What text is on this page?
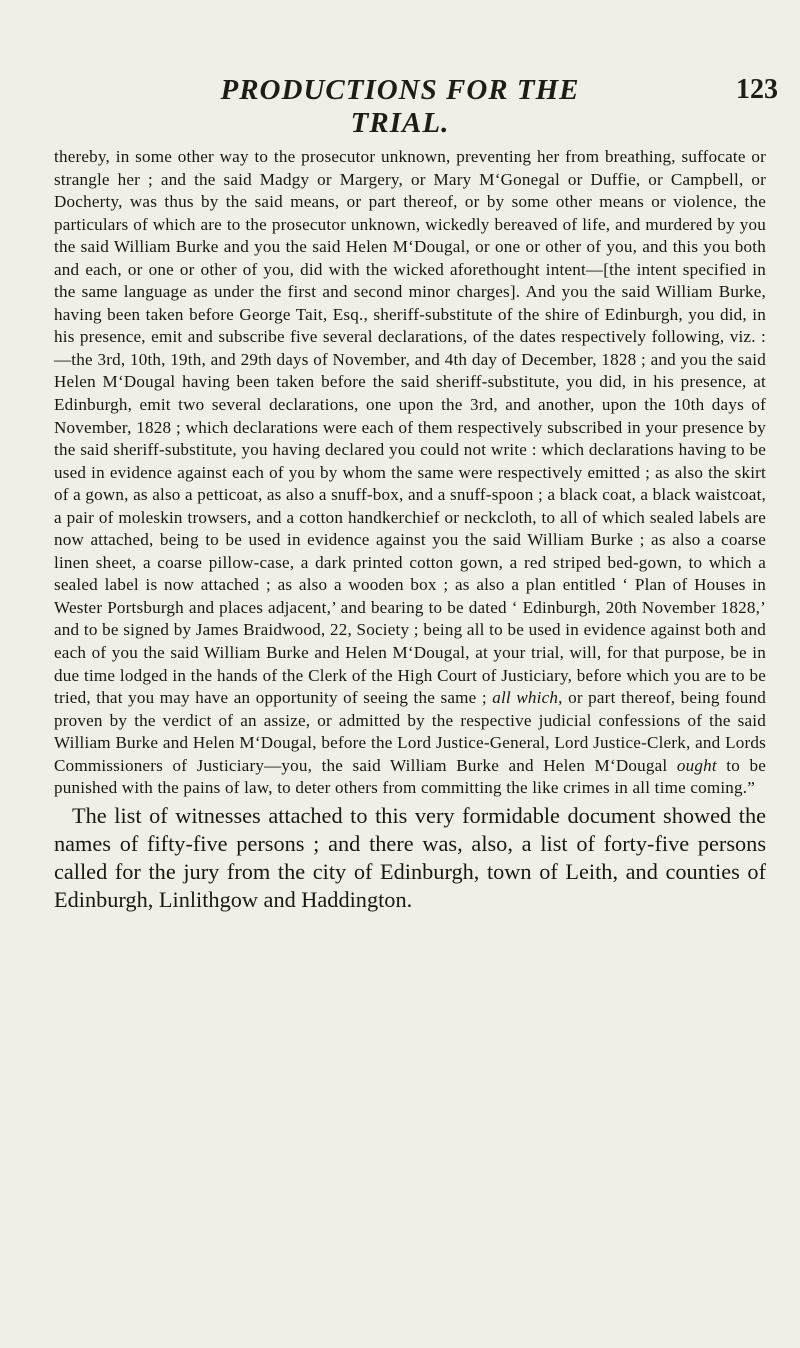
PRODUCTIONS FOR THE TRIAL.
123

thereby, in some other way to the prosecutor unknown, preventing her from breathing, suffocate or strangle her ; and the said Madgy or Margery, or Mary M‘Gonegal or Duffie, or Campbell, or Docherty, was thus by the said means, or part thereof, or by some other means or violence, the particulars of which are to the prosecutor unknown, wickedly bereaved of life, and murdered by you the said William Burke and you the said Helen M‘Dougal, or one or other of you, and this you both and each, or one or other of you, did with the wicked aforethought intent—[the intent specified in the same language as under the first and second minor charges]. And you the said William Burke, having been taken before George Tait, Esq., sheriff-substitute of the shire of Edinburgh, you did, in his presence, emit and subscribe five several declarations, of the dates respectively following, viz. :—the 3rd, 10th, 19th, and 29th days of November, and 4th day of December, 1828 ; and you the said Helen M‘Dougal having been taken before the said sheriff-substitute, you did, in his presence, at Edinburgh, emit two several declarations, one upon the 3rd, and another, upon the 10th days of November, 1828 ; which declarations were each of them respectively subscribed in your presence by the said sheriff-substitute, you having declared you could not write : which declarations having to be used in evidence against each of you by whom the same were respectively emitted ; as also the skirt of a gown, as also a petticoat, as also a snuff-box, and a snuff-spoon ; a black coat, a black waistcoat, a pair of moleskin trowsers, and a cotton handkerchief or neckcloth, to all of which sealed labels are now attached, being to be used in evidence against you the said William Burke ; as also a coarse linen sheet, a coarse pillow-case, a dark printed cotton gown, a red striped bed-gown, to which a sealed label is now attached ; as also a wooden box ; as also a plan entitled ‘ Plan of Houses in Wester Portsburgh and places adjacent,’ and bearing to be dated ‘ Edinburgh, 20th November 1828,’ and to be signed by James Braidwood, 22, Society ; being all to be used in evidence against both and each of you the said William Burke and Helen M‘Dougal, at your trial, will, for that purpose, be in due time lodged in the hands of the Clerk of the High Court of Justiciary, before which you are to be tried, that you may have an opportunity of seeing the same ; all which, or part thereof, being found proven by the verdict of an assize, or admitted by the respective judicial confessions of the said William Burke and Helen M‘Dougal, before the Lord Justice-General, Lord Justice-Clerk, and Lords Commissioners of Justiciary—you, the said William Burke and Helen M‘Dougal ought to be punished with the pains of law, to deter others from committing the like crimes in all time coming.”

The list of witnesses attached to this very formidable document showed the names of fifty-five persons ; and there was, also, a list of forty-five persons called for the jury from the city of Edinburgh, town of Leith, and counties of Edinburgh, Linlithgow and Haddington.
